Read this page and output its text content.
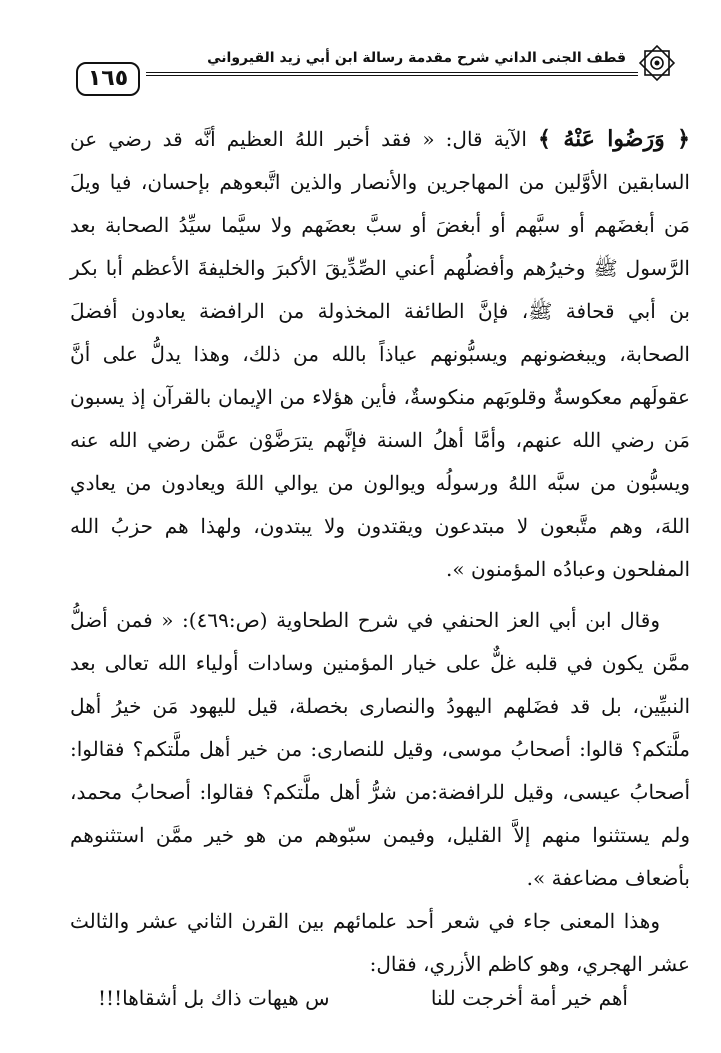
١٦٥
قطف الجنى الداني شرح مقدمة رسالة ابن أبي زيد القيرواني

﴿ وَرَضُوا عَنْهُ ﴾ الآية قال: « فقد أخبر اللهُ العظيم أنَّه قد رضي عن السابقين الأوَّلين من المهاجرين والأنصار والذين اتَّبعوهم بإحسان، فيا ويلَ مَن أبغضَهم أو سبَّهم أو أبغضَ أو سبَّ بعضَهم ولا سيَّما سيِّدُ الصحابة بعد الرَّسول ﷺ وخيرُهم وأفضلُهم أعني الصِّدِّيقَ الأكبرَ والخليفةَ الأعظم أبا بكر بن أبي قحافة ﷺ، فإنَّ الطائفة المخذولة من الرافضة يعادون أفضلَ الصحابة، ويبغضونهم ويسبُّونهم عياذاً بالله من ذلك، وهذا يدلُّ على أنَّ عقولَهم معكوسةٌ وقلوبَهم منكوسةٌ، فأين هؤلاء من الإيمان بالقرآن إذ يسبون مَن رضي الله عنهم، وأمَّا أهلُ السنة فإنَّهم يترَضَّوْن عمَّن رضي الله عنه ويسبُّون من سبَّه اللهُ ورسولُه ويوالون من يوالي اللهَ ويعادون من يعادي اللهَ، وهم متَّبعون لا مبتدعون ويقتدون ولا يبتدون، ولهذا هم حزبُ الله المفلحون وعبادُه المؤمنون ».

وقال ابن أبي العز الحنفي في شرح الطحاوية (ص:٤٦٩): « فمن أضلُّ ممَّن يكون في قلبه غلٌّ على خيار المؤمنين وسادات أولياء الله تعالى بعد النبيِّين، بل قد فضَلهم اليهودُ والنصارى بخصلة، قيل لليهود مَن خيرُ أهل ملَّتكم؟ قالوا: أصحابُ موسى، وقيل للنصارى: من خير أهل ملَّتكم؟ فقالوا: أصحابُ عيسى، وقيل للرافضة:من شرُّ أهل ملَّتكم؟ فقالوا: أصحابُ محمد، ولم يستثنوا منهم إلاَّ القليل، وفيمن سبّوهم من هو خير ممَّن استثنوهم بأضعاف مضاعفة ».

وهذا المعنى جاء في شعر أحد علمائهم بين القرن الثاني عشر والثالث عشر الهجري، وهو كاظم الأزري، فقال:

أهم خير أمة أخرجت للنا
س هيهات ذاك بل أشقاها!!!
